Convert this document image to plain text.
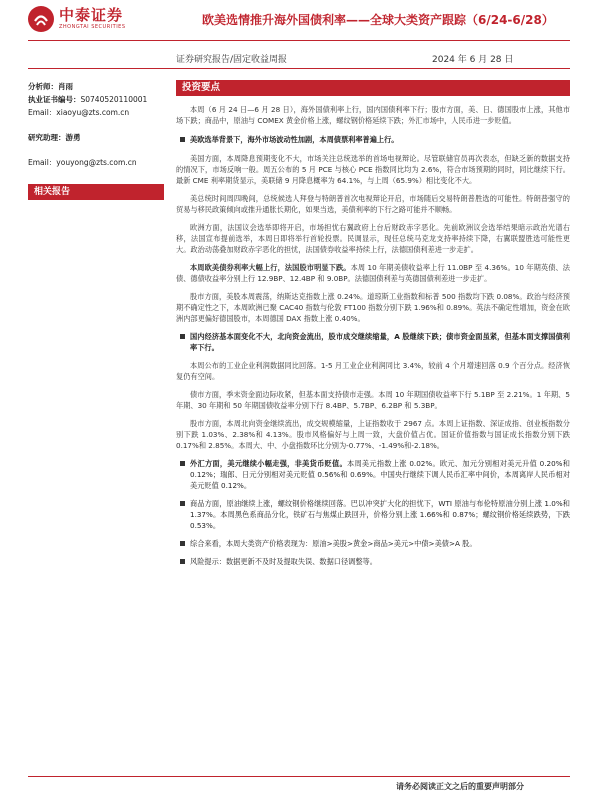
中泰证券
ZHONGTAI SECURITIES	欧美选情推升海外国债利率——全球大类资产跟踪（6/24-6/28）
证券研究报告/固定收益周报	2024 年 6 月 28 日
分析师：肖雨
执业证书编号：S0740520110001
Email：xiaoyu@zts.com.cn
研究助理：游勇
Email：youyong@zts.com.cn
相关报告
投资要点

本周（6 月 24 日—6 月 28 日），海外国债利率上行，国内国债利率下行；股市方面，美、日、德国股市上涨，其他市场下跌；商品中，原油与 COMEX 黄金价格上涨，螺纹钢价格延续下跌；外汇市场中，人民币进一步贬值。

美欧选举背景下，海外市场波动性加剧，本周债票利率普遍上行。

美国方面，本周降息预期变化不大，市场关注总统选举的首场电视辩论。尽管联储官员再次表态，但缺乏新的数据支持的情况下，市场反响一般。周五公布的 5 月 PCE 与核心 PCE 指数同比均为 2.6%，符合市场预期的同时，同比继续下行。最新 CME 利率期货显示，美联储 9 月降息概率为 64.1%，与上周（65.9%）相比变化不大。

美总统时间周四晚间，总统候选人拜登与特朗普首次电视辩论开启，市场随后交易特朗普胜选的可能性。特朗普强守的贸易与移民政策倾向或推升通胀长期化，如果当选，美债利率的下行之路可能并不顺畅。

欧洲方面，法国议会选举即将开启，市场担忧右翼政府上台后财政赤字恶化。先前欧洲议会选举结果暗示政治光谱右移，法国宣布提前选举，本周日即将举行首轮投票。民调显示，现任总统马克龙支持率持续下降，右翼联盟胜选可能性更大。政治动荡叠加财政赤字恶化的担忧，法国债券收益率持续上行，法德国债利差进一步走扩。

本周欧美债券利率大幅上行，法国股市明显下跌。本周 10 年期美债收益率上行 11.0BP 至 4.36%。10 年期英债、法债、德债收益率分别上行 12.9BP、12.4BP 和 9.0BP。法德国债利差与英德国债利差进一步走扩。

股市方面，美股本周震荡，纳斯达克指数上涨 0.24%。道琼斯工业指数和标普 500 指数均下跌 0.08%。政治与经济预期不确定性之下，本周欧洲已聚 CAC40 指数与伦敦 FT100 指数分别下跌 1.96%和 0.89%。英法不确定性增加，资金在欧洲内部更偏好德国股市，本周德国 DAX 指数上涨 0.40%。

国内经济基本面变化不大，北向资金流出，股市成交继续缩量，A 股继续下跌；债市资金面虽紧，但基本面支撑国债利率下行。

本周公布的工业企业利润数据同比回落。1-5 月工业企业利润同比 3.4%，较前 4 个月增速回落 0.9 个百分点。经济恢复仍有空间。

债市方面，季末资金面边际收紧，但基本面支持债市走强。本周 10 年期国债收益率下行 5.1BP 至 2.21%。1 年期、5 年期、30 年期和 50 年期国债收益率分别下行 8.4BP、5.7BP、6.2BP 和 5.3BP。

股市方面，本周北向资金继续流出，成交规模缩量，上证指数收于 2967 点。本周上证指数、深证成指、创业板指数分别下跌 1.03%、2.38%和 4.13%。股市风格偏好与上周一致，大盘价值占优。国证价值指数与国证成长指数分别下跌 0.17%和 2.85%。本周大、中、小盘指数环比分别为-0.77%、-1.49%和-2.18%。

外汇方面，美元继续小幅走强，非美货币贬值。本周美元指数上涨 0.02%。欧元、加元分别相对美元升值 0.20%和 0.12%；瑞郎、日元分别相对美元贬值 0.56%和 0.69%。中国央行继续下调人民币汇率中间价，本周离岸人民币相对美元贬值 0.12%。
商品方面，原油继续上涨，螺纹钢价格继续回落。巴以冲突扩大化的担忧下，WTI 原油与布伦特原油分别上涨 1.0%和 1.37%。本周黑色系商品分化，铁矿石与焦煤止跌回升，价格分别上涨 1.66%和 0.87%；螺纹钢价格延续跌势，下跌 0.53%。
综合来看，本周大类资产价格表现为：原油>美股>黄金>商品>美元>中债>美债>A 股。
风险提示：数据更新不及时及提取失误、数据口径调整等。
请务必阅读正文之后的重要声明部分
